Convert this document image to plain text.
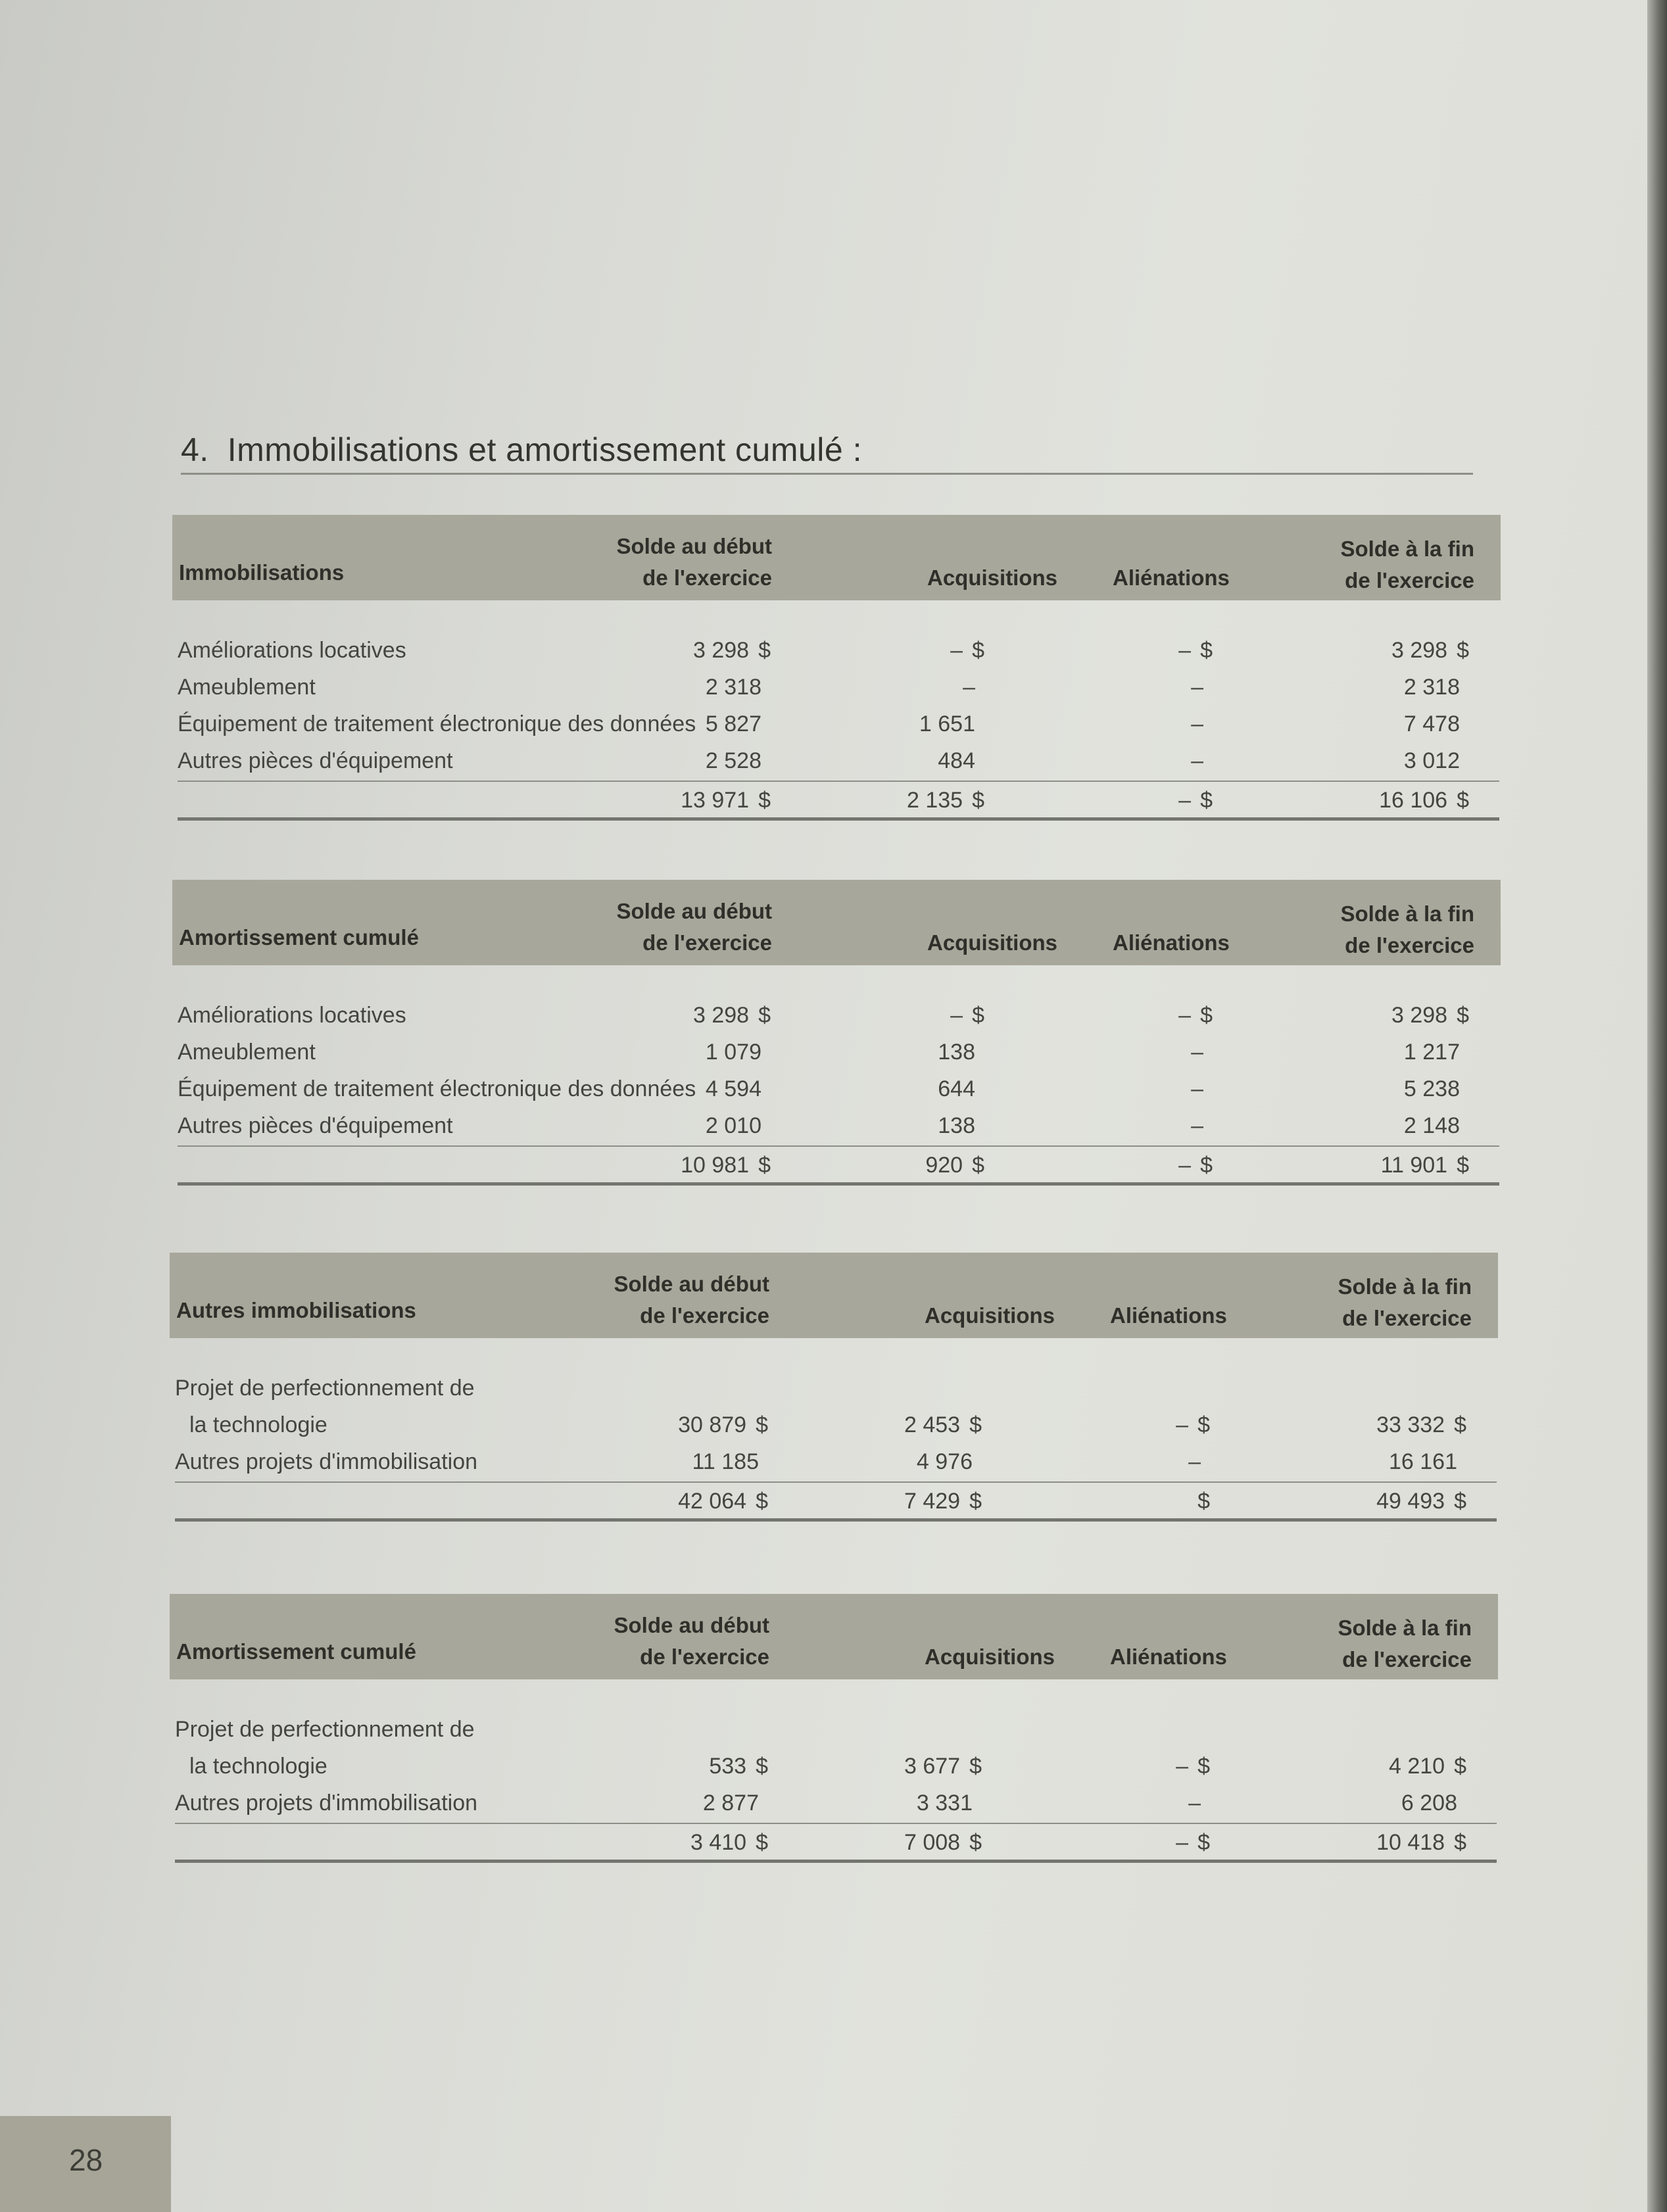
4. Immobilisations et amortissement cumulé :
Immobilisations
Solde au début
de l'exercice	Acquisitions	Aliénations
Solde à la fin
de l'exercice
Améliorations locatives	3 298 $	– $	– $	3 298 $
Ameublement	2 318	–	–	2 318
Équipement de traitement électronique des données 5 827	1 651	–	7 478
Autres pièces d'équipement	2 528	484	–	3 012
13 971 $	2 135 $	– $	16 106 $
Amortissement cumulé
Solde au début
de l'exercice	Acquisitions	Aliénations
Solde à la fin
de l'exercice
Améliorations locatives	3 298 $	– $	– $	3 298 $
Ameublement	1 079	138	–	1 217
Équipement de traitement électronique des données 4 594	644	–	5 238
Autres pièces d'équipement	2 010	138	–	2 148
10 981 $	920 $	– $	11 901 $
Autres immobilisations
Solde au début
de l'exercice	Acquisitions	Aliénations
Solde à la fin
de l'exercice
Projet de perfectionnement de
la technologie	30 879 $	2 453 $	– $	33 332 $
Autres projets d'immobilisation	11 185	4 976	–	16 161
42 064 $	7 429 $	$	49 493 $
Amortissement cumulé
Solde au début
de l'exercice	Acquisitions	Aliénations
Solde à la fin
de l'exercice
Projet de perfectionnement de
la technologie	533 $	3 677 $	– $	4 210 $
Autres projets d'immobilisation	2 877	3 331	–	6 208
3 410 $	7 008 $	– $	10 418 $
28
